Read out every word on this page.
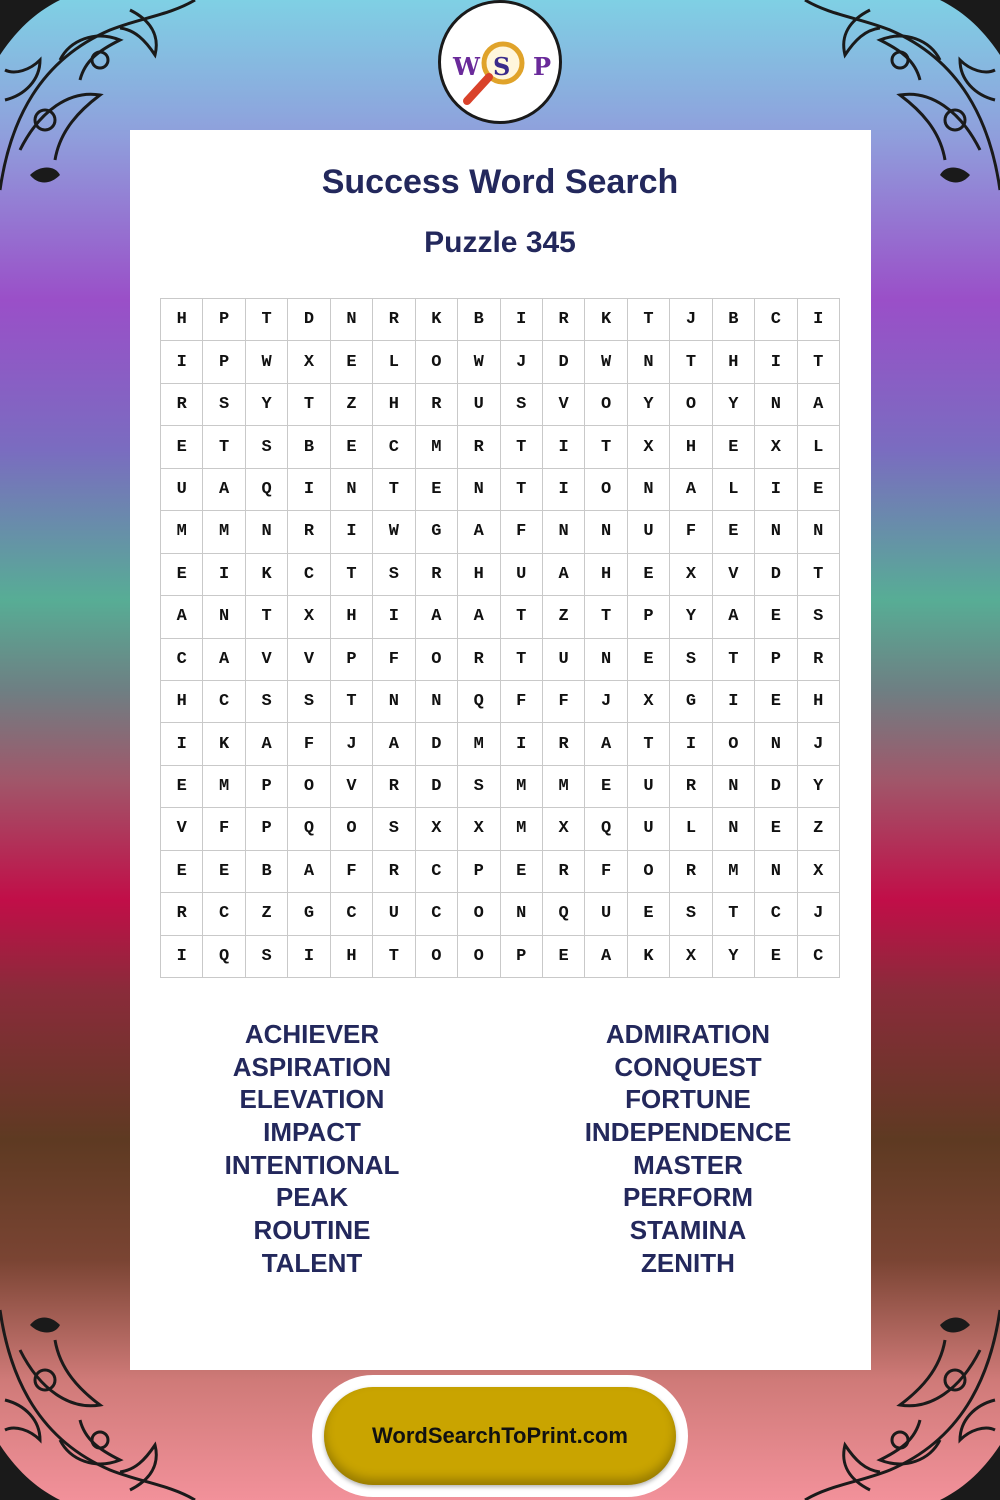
W S P
Success Word Search
Puzzle 345
H	P	T	D	N	R	K	B	I	R	K	T	J	B	C	I
I	P	W	X	E	L	O	W	J	D	W	N	T	H	I	T
R	S	Y	T	Z	H	R	U	S	V	O	Y	O	Y	N	A
E	T	S	B	E	C	M	R	T	I	T	X	H	E	X	L
U	A	Q	I	N	T	E	N	T	I	O	N	A	L	I	E
M	M	N	R	I	W	G	A	F	N	N	U	F	E	N	N
E	I	K	C	T	S	R	H	U	A	H	E	X	V	D	T
A	N	T	X	H	I	A	A	T	Z	T	P	Y	A	E	S
C	A	V	V	P	F	O	R	T	U	N	E	S	T	P	R
H	C	S	S	T	N	N	Q	F	F	J	X	G	I	E	H
I	K	A	F	J	A	D	M	I	R	A	T	I	O	N	J
E	M	P	O	V	R	D	S	M	M	E	U	R	N	D	Y
V	F	P	Q	O	S	X	X	M	X	Q	U	L	N	E	Z
E	E	B	A	F	R	C	P	E	R	F	O	R	M	N	X
R	C	Z	G	C	U	C	O	N	Q	U	E	S	T	C	J
I	Q	S	I	H	T	O	O	P	E	A	K	X	Y	E	C
ACHIEVER
ASPIRATION
ELEVATION
IMPACT
INTENTIONAL
PEAK
ROUTINE
TALENT
ADMIRATION
CONQUEST
FORTUNE
INDEPENDENCE
MASTER
PERFORM
STAMINA
ZENITH
WordSearchToPrint.com
